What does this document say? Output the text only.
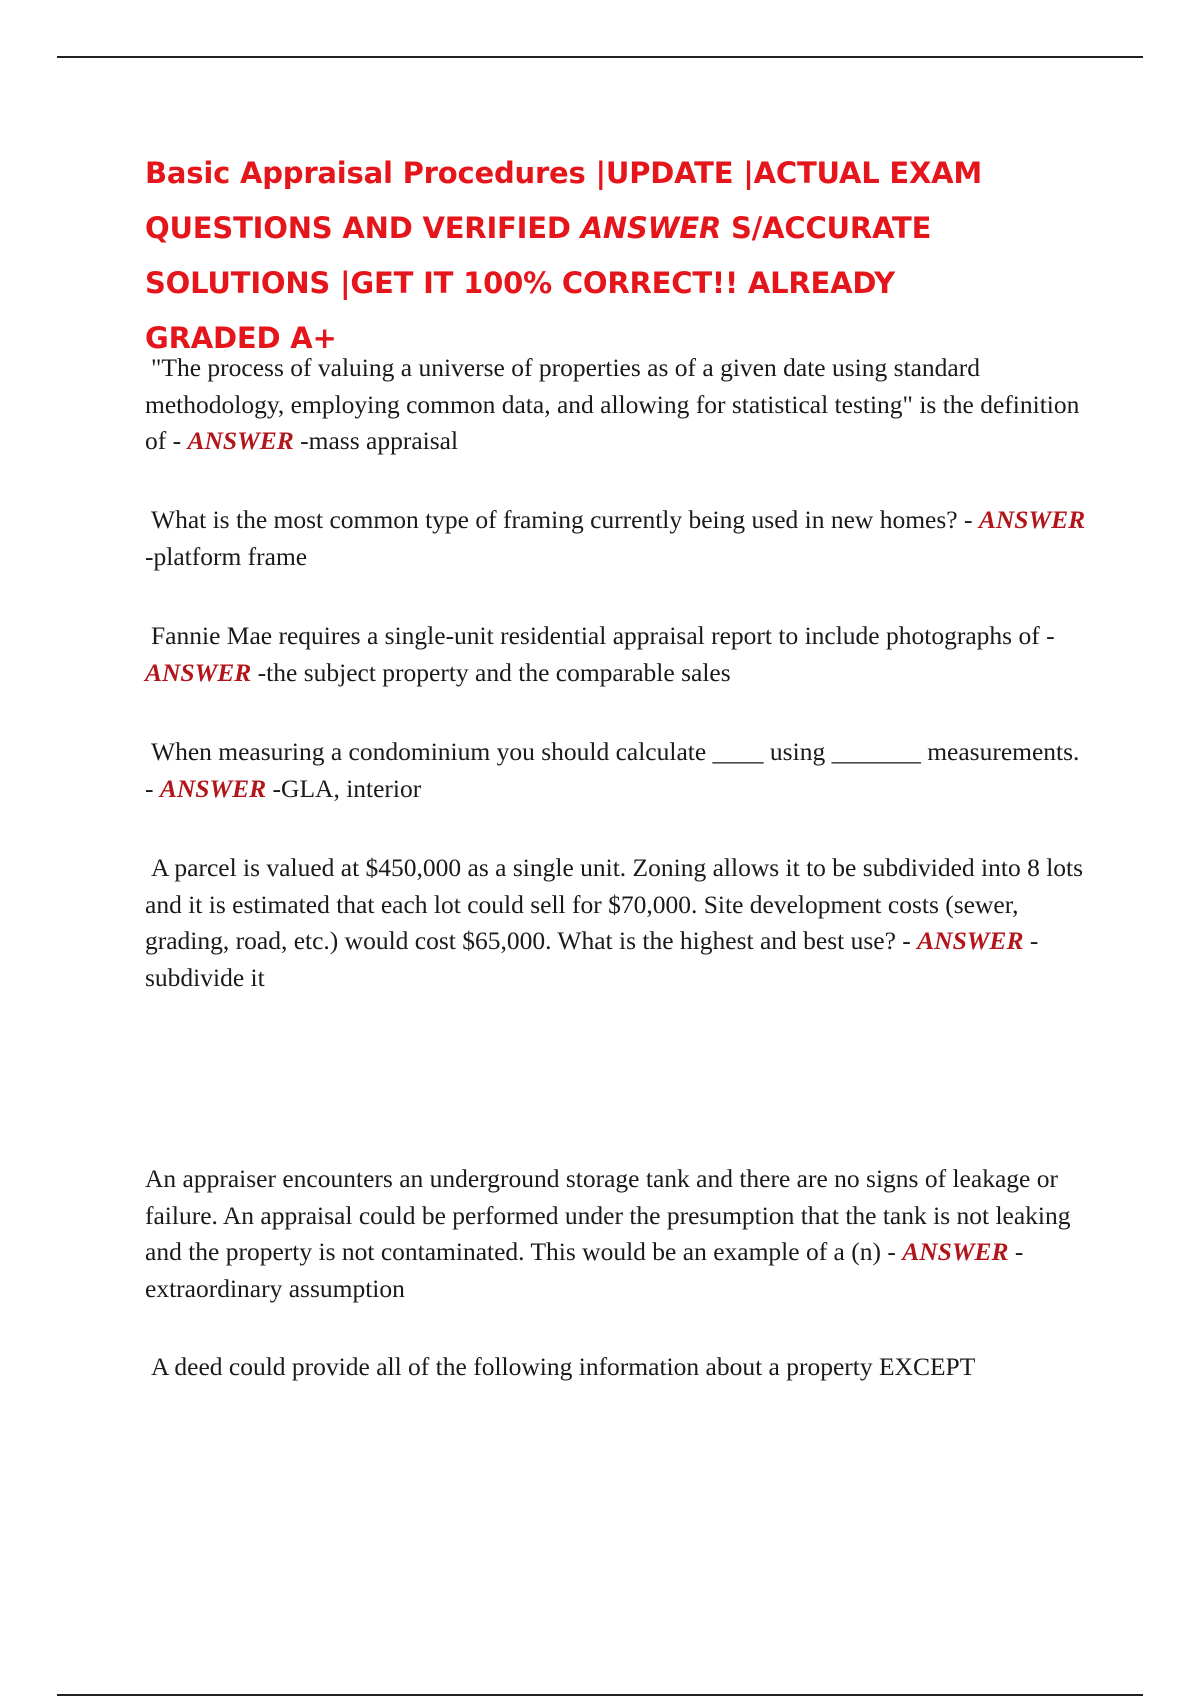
Basic Appraisal Procedures |UPDATE |ACTUAL EXAM
QUESTIONS AND VERIFIED ANSWER S/ACCURATE
SOLUTIONS |GET IT 100% CORRECT!! ALREADY
GRADED A+

"The process of valuing a universe of properties as of a given date using standard methodology, employing common data, and allowing for statistical testing" is the definition of - ANSWER -mass appraisal

What is the most common type of framing currently being used in new homes? - ANSWER -platform frame

Fannie Mae requires a single-unit residential appraisal report to include photographs of - ANSWER -the subject property and the comparable sales

When measuring a condominium you should calculate ____ using _______ measurements. - ANSWER -GLA, interior

A parcel is valued at $450,000 as a single unit. Zoning allows it to be subdivided into 8 lots and it is estimated that each lot could sell for $70,000. Site development costs (sewer, grading, road, etc.) would cost $65,000. What is the highest and best use? - ANSWER -subdivide it

An appraiser encounters an underground storage tank and there are no signs of leakage or failure. An appraisal could be performed under the presumption that the tank is not leaking and the property is not contaminated. This would be an example of a (n) - ANSWER -extraordinary assumption

A deed could provide all of the following information about a property EXCEPT
